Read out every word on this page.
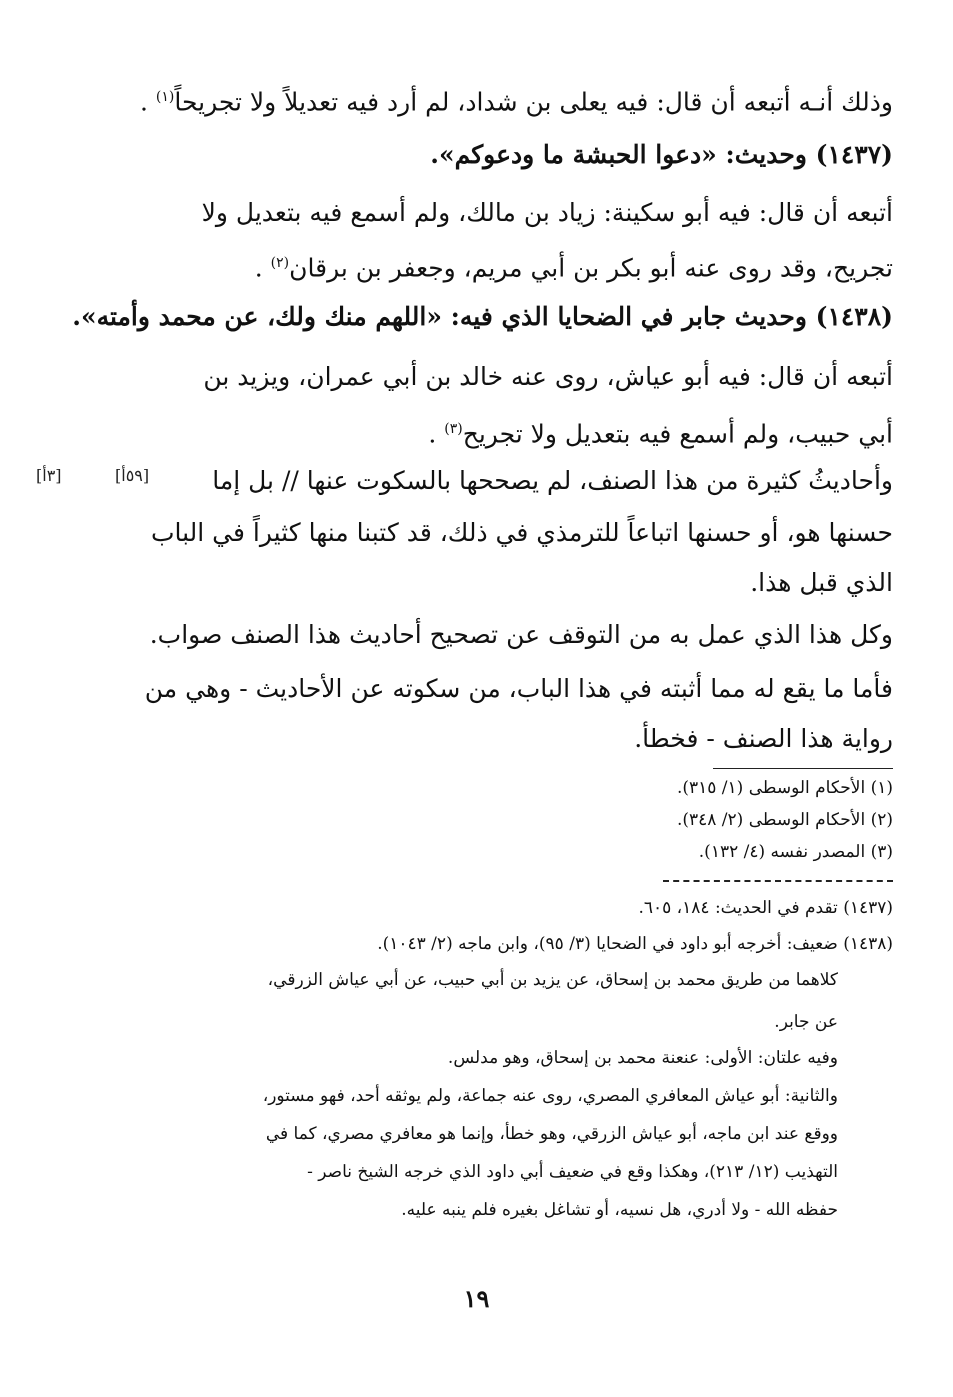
وذلك أنـه أتبعه أن قال: فيه يعلى بن شداد، لم أرد فيه تعديلاً ولا تجريحاً$^{(١)}$ .
(١٤٣٧) وحديث: «دعوا الحبشة ما ودعوكم».
أتبعه أن قال: فيه أبو سكينة: زياد بن مالك، ولم أسمع فيه بتعديل ولا
تجريح، وقد روى عنه أبو بكر بن أبي مريم، وجعفر بن برقان$^{(٢)}$ .
(١٤٣٨) وحديث جابر في الضحايا الذي فيه: «اللهم منك ولك، عن محمد وأمته».
أتبعه أن قال: فيه أبو عياش، روى عنه خالد بن أبي عمران، ويزيد بن
أبي حبيب، ولم أسمع فيه بتعديل ولا تجريح$^{(٣)}$ .
[٥٩أ]
[٣أ]	وأحاديثُ كثيرة من هذا الصنف، لم يصححها بالسكوت عنها // بل إما
حسنها هو، أو حسنها اتباعاً للترمذي في ذلك، قد كتبنا منها كثيراً في الباب
الذي قبل هذا.
وكل هذا الذي عمل به من التوقف عن تصحيح أحاديث هذا الصنف صواب.
فأما ما يقع له مما أثبته في هذا الباب، من سكوته عن الأحاديث - وهي من
رواية هذا الصنف - فخطأ.
(١) الأحكام الوسطى (١/ ٣١٥).
(٢) الأحكام الوسطى (٢/ ٣٤٨).
(٣) المصدر نفسه (٤/ ١٣٢).
(١٤٣٧) تقدم في الحديث: ١٨٤، ٦٠٥.
(١٤٣٨) ضعيف: أخرجه أبو داود في الضحايا (٣/ ٩٥)، وابن ماجه (٢/ ١٠٤٣).
كلاهما من طريق محمد بن إسحاق، عن يزيد بن أبي حبيب، عن أبي عياش الزرقي،
عن جابر.
وفيه علتان: الأولى: عنعنة محمد بن إسحاق، وهو مدلس.
والثانية: أبو عياش المعافري المصري، روى عنه جماعة، ولم يوثقه أحد، فهو مستور،
ووقع عند ابن ماجه، أبو عياش الزرقي، وهو خطأ، وإنما هو معافري مصري، كما في
التهذيب (١٢/ ٢١٣)، وهكذا وقع في ضعيف أبي داود الذي خرجه الشيخ ناصر -
حفظه الله - ولا أدري، هل نسيه، أو تشاغل بغيره فلم ينبه عليه.
١٩
